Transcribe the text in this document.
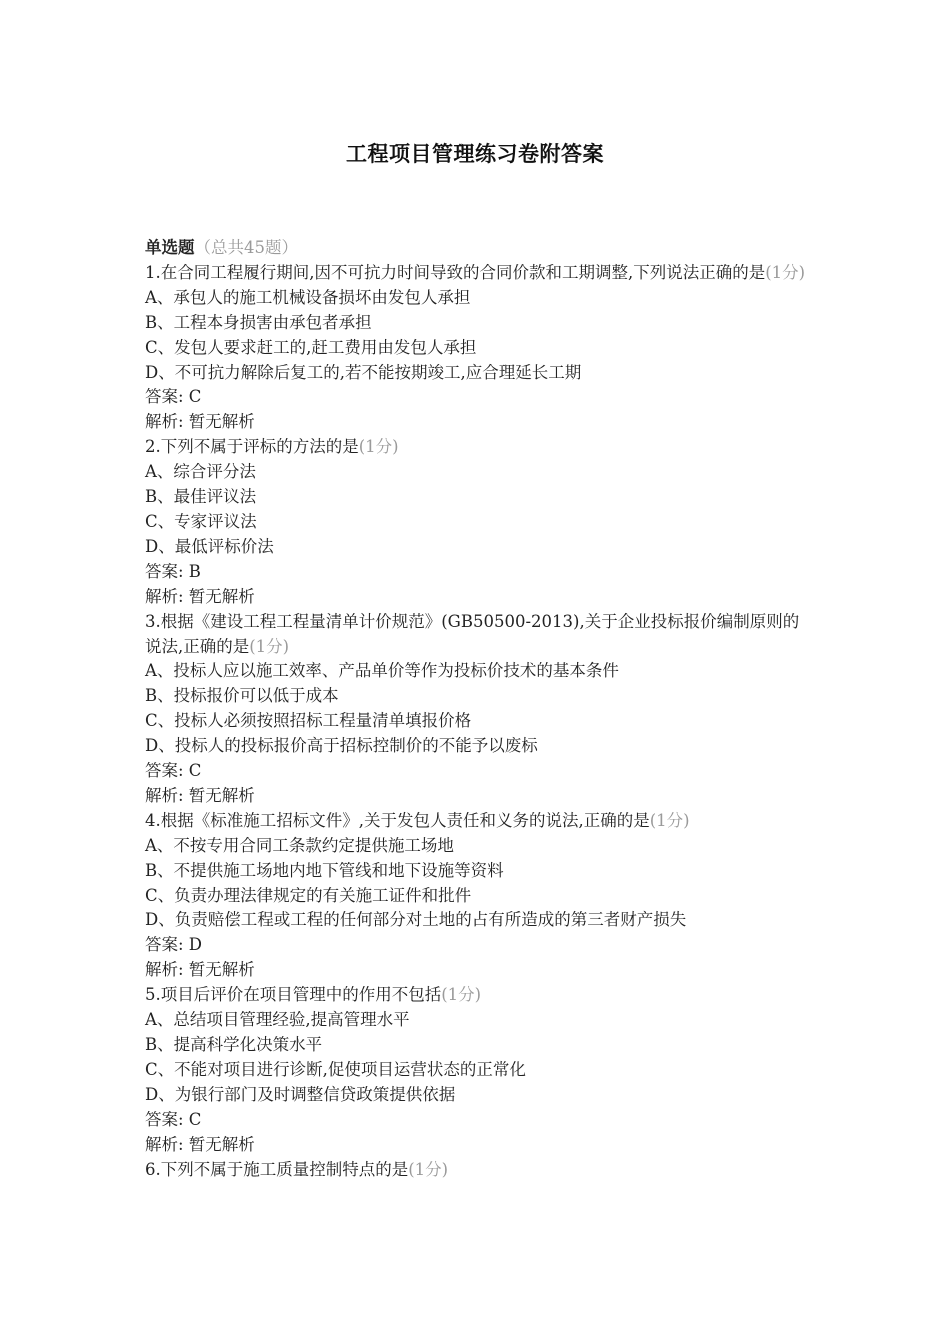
工程项目管理练习卷附答案
单选题（总共45题）
1.在合同工程履行期间,因不可抗力时间导致的合同价款和工期调整,下列说法正确的是(1分)
A、承包人的施工机械设备损坏由发包人承担
B、工程本身损害由承包者承担
C、发包人要求赶工的,赶工费用由发包人承担
D、不可抗力解除后复工的,若不能按期竣工,应合理延长工期
答案: C
解析: 暂无解析
2.下列不属于评标的方法的是(1分)
A、综合评分法
B、最佳评议法
C、专家评议法
D、最低评标价法
答案: B
解析: 暂无解析
3.根据《建设工程工程量清单计价规范》(GB50500-2013),关于企业投标报价编制原则的说法,正确的是(1分)
A、投标人应以施工效率、产品单价等作为投标价技术的基本条件
B、投标报价可以低于成本
C、投标人必须按照招标工程量清单填报价格
D、投标人的投标报价高于招标控制价的不能予以废标
答案: C
解析: 暂无解析
4.根据《标准施工招标文件》,关于发包人责任和义务的说法,正确的是(1分)
A、不按专用合同工条款约定提供施工场地
B、不提供施工场地内地下管线和地下设施等资料
C、负责办理法律规定的有关施工证件和批件
D、负责赔偿工程或工程的任何部分对土地的占有所造成的第三者财产损失
答案: D
解析: 暂无解析
5.项目后评价在项目管理中的作用不包括(1分)
A、总结项目管理经验,提高管理水平
B、提高科学化决策水平
C、不能对项目进行诊断,促使项目运营状态的正常化
D、为银行部门及时调整信贷政策提供依据
答案: C
解析: 暂无解析
6.下列不属于施工质量控制特点的是(1分)
